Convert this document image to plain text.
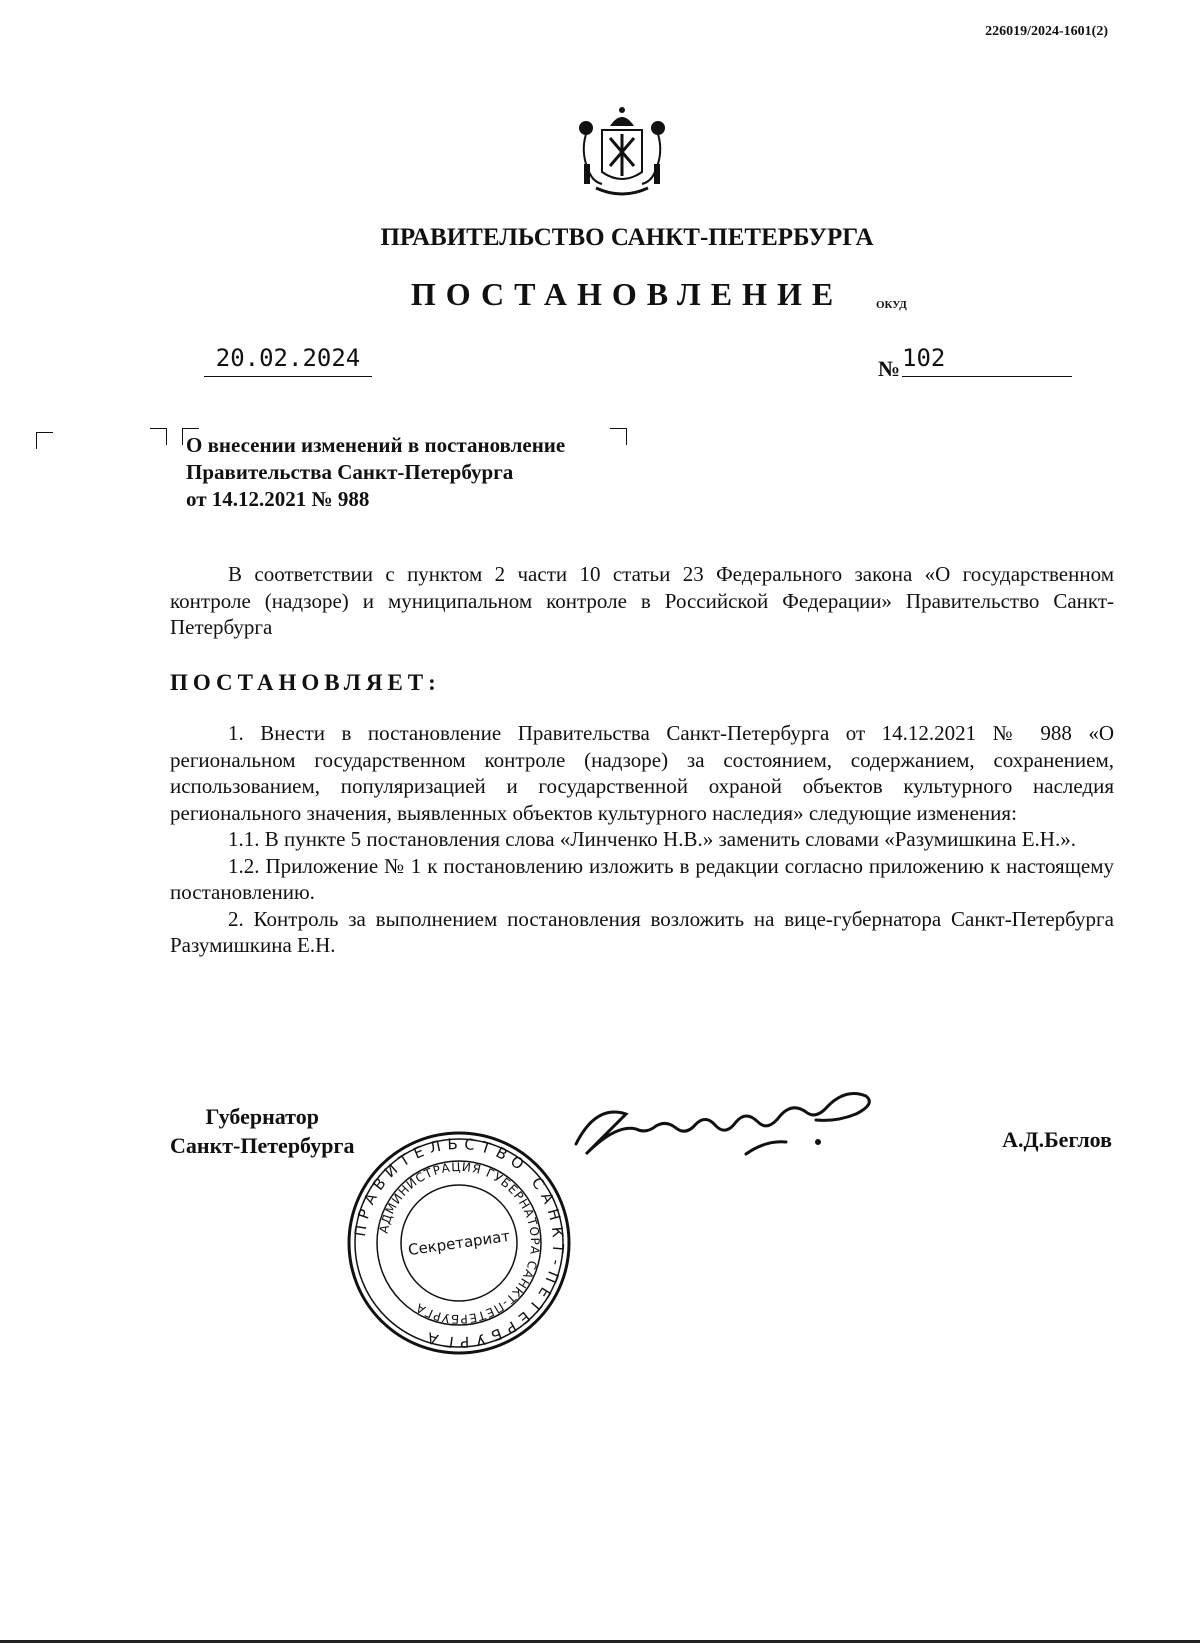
226019/2024-1601(2)
ПРАВИТЕЛЬСТВО САНКТ-ПЕТЕРБУРГА
ПОСТАНОВЛЕНИЕ	ОКУД
20.02.2024	№ 102
О внесении изменений в постановление
Правительства Санкт-Петербурга
от 14.12.2021 № 988
В соответствии с пунктом 2 части 10 статьи 23 Федерального закона «О государственном контроле (надзоре) и муниципальном контроле в Российской Федерации» Правительство Санкт-Петербурга
ПОСТАНОВЛЯЕТ:
1. Внести в постановление Правительства Санкт-Петербурга от 14.12.2021 № 988 «О региональном государственном контроле (надзоре) за состоянием, содержанием, сохранением, использованием, популяризацией и государственной охраной объектов культурного наследия регионального значения, выявленных объектов культурного наследия» следующие изменения:
1.1. В пункте 5 постановления слова «Линченко Н.В.» заменить словами «Разумишкина Е.Н.».
1.2. Приложение № 1 к постановлению изложить в редакции согласно приложению к настоящему постановлению.
2. Контроль за выполнением постановления возложить на вице-губернатора Санкт-Петербурга Разумишкина Е.Н.
Губернатор
Санкт-Петербурга	А.Д.Беглов
ПРАВИТЕЛЬСТВО САНКТ-ПЕТЕРБУРГА
АДМИНИСТРАЦИЯ ГУБЕРНАТОРА САНКТ-ПЕТЕРБУРГА
Секретариат
